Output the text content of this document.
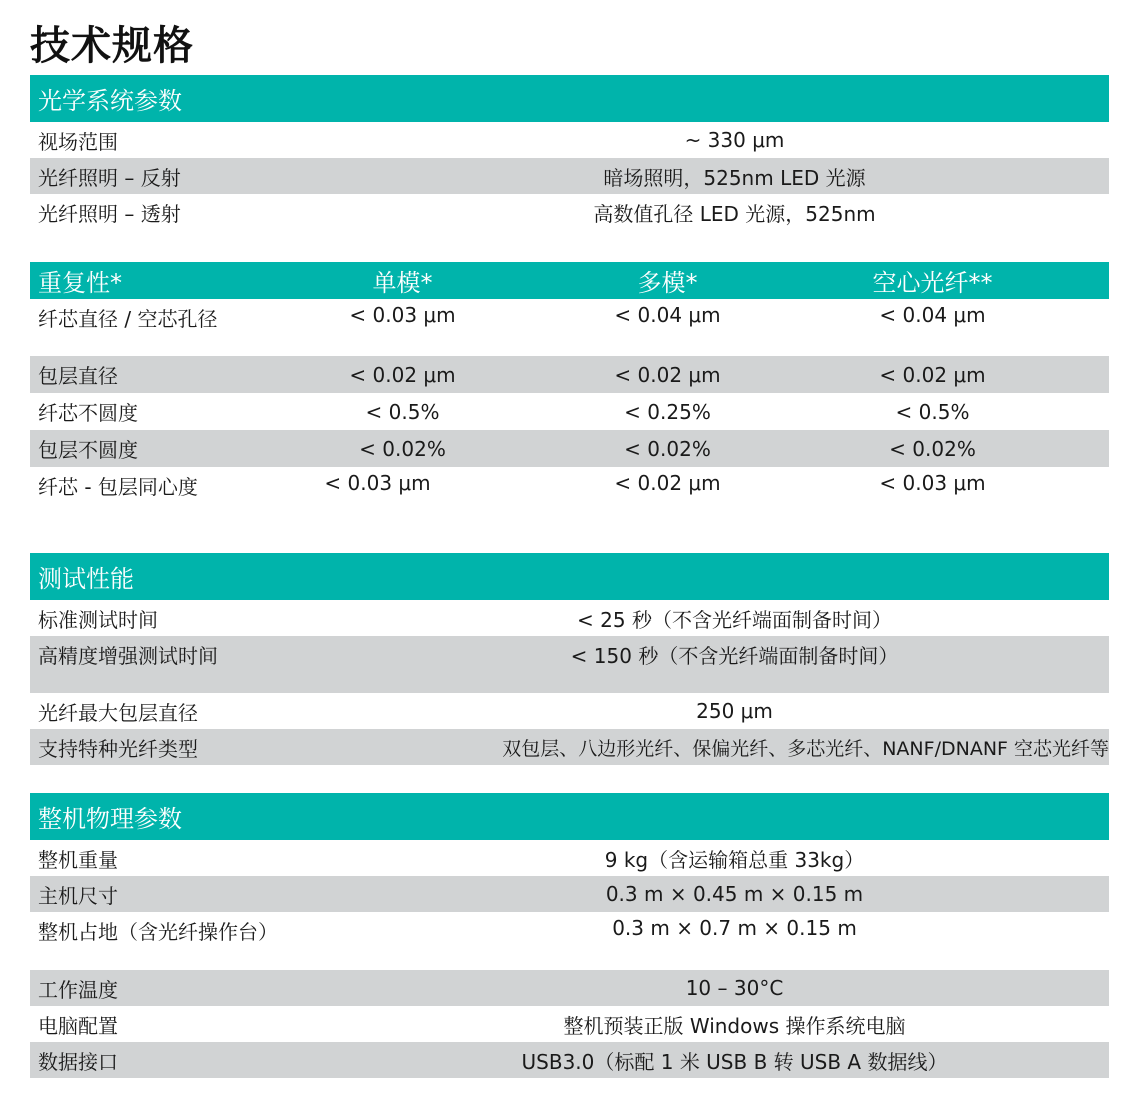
技术规格
光学系统参数
视场范围	~ 330 μm
光纤照明 – 反射	暗场照明，525nm LED 光源
光纤照明 – 透射	高数值孔径 LED 光源，525nm
重复性*	单模*	多模*	空心光纤**
纤芯直径 / 空芯孔径	< 0.03 μm	< 0.04 μm	< 0.04 μm
包层直径	< 0.02 μm	< 0.02 μm	< 0.02 μm
纤芯不圆度	< 0.5%	< 0.25%	< 0.5%
包层不圆度	< 0.02%	< 0.02%	< 0.02%
纤芯 - 包层同心度	< 0.03 μm	< 0.02 μm	< 0.03 μm
测试性能
标准测试时间	< 25 秒（不含光纤端面制备时间）
高精度增强测试时间	< 150 秒（不含光纤端面制备时间）
光纤最大包层直径	250 μm
支持特种光纤类型	双包层、八边形光纤、保偏光纤、多芯光纤、NANF/DNANF 空芯光纤等
整机物理参数
整机重量	9 kg（含运输箱总重 33kg）
主机尺寸	0.3 m × 0.45 m × 0.15 m
整机占地（含光纤操作台）	0.3 m × 0.7 m × 0.15 m
工作温度	10 – 30°C
电脑配置	整机预装正版 Windows 操作系统电脑
数据接口	USB3.0（标配 1 米 USB B 转 USB A 数据线）
